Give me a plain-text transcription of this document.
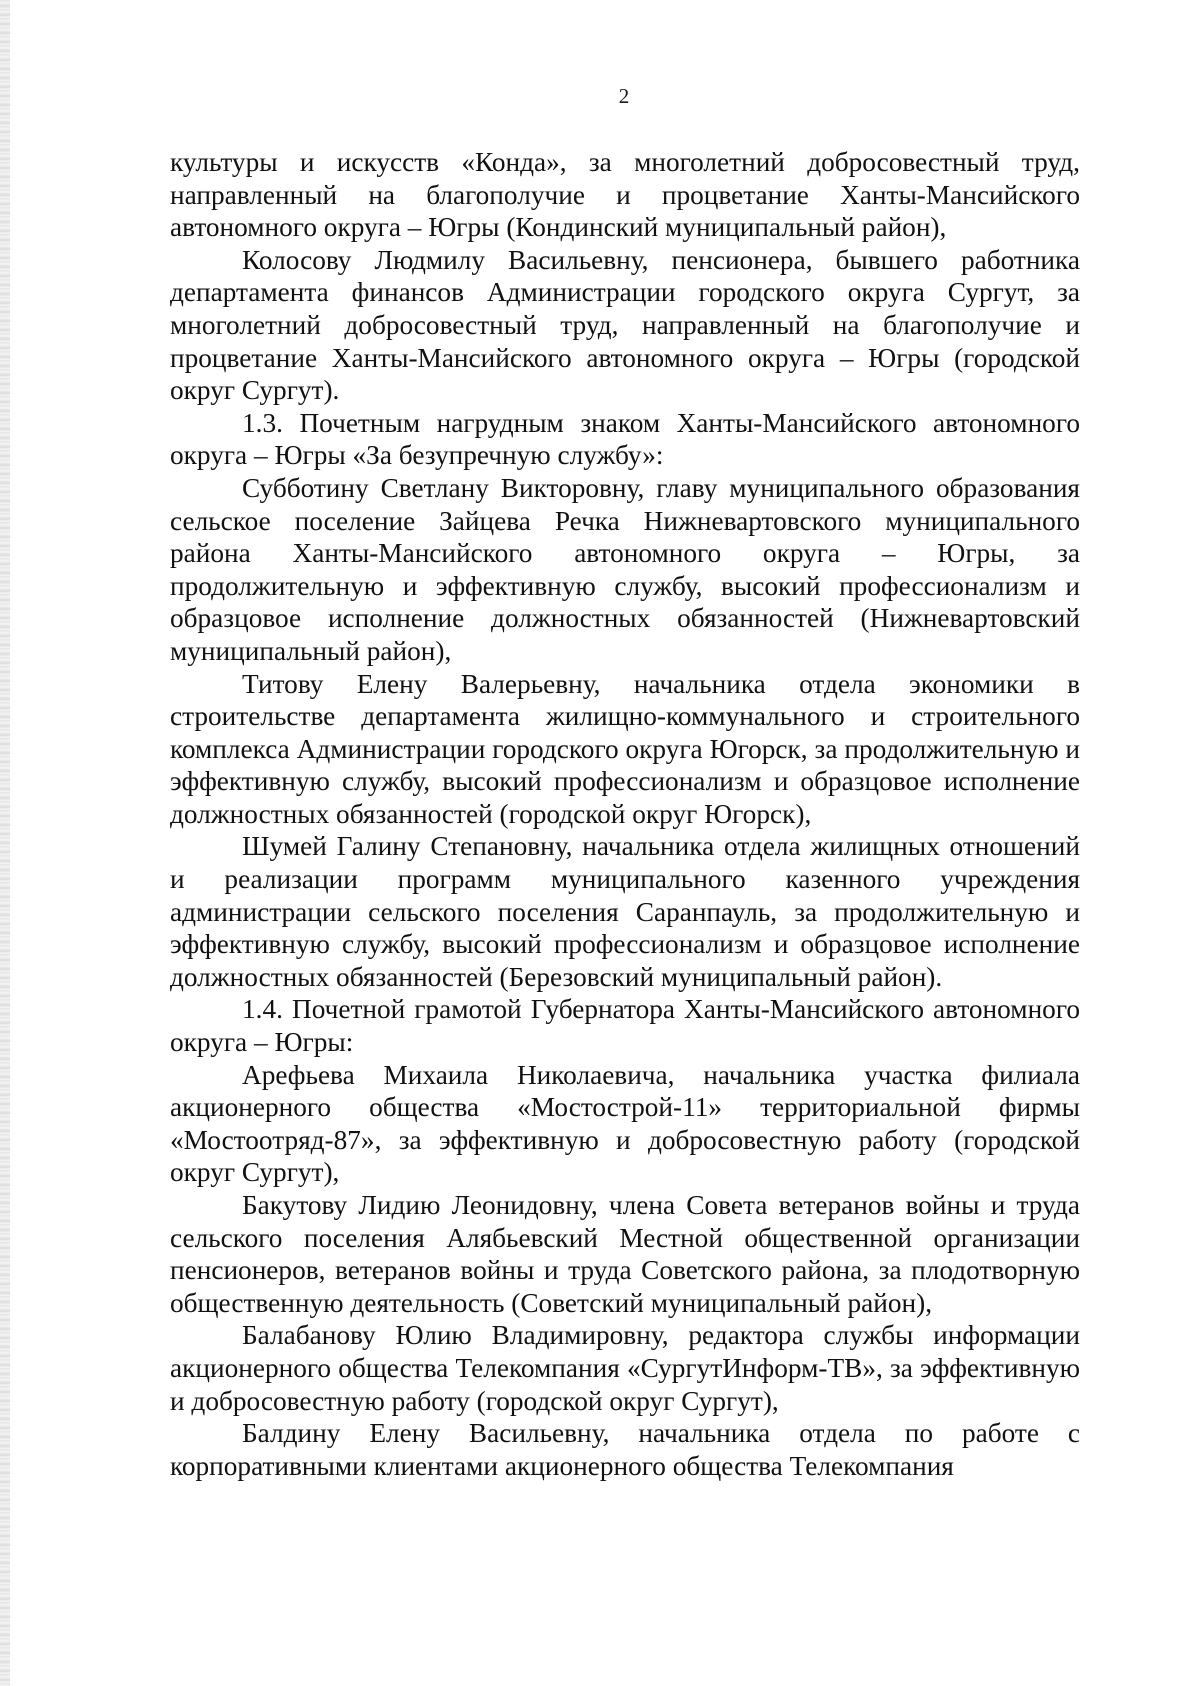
2

культуры и искусств «Конда», за многолетний добросовестный труд, направленный на благополучие и процветание Ханты-Мансийского автономного округа – Югры (Кондинский муниципальный район),

Колосову Людмилу Васильевну, пенсионера, бывшего работника департамента финансов Администрации городского округа Сургут, за многолетний добросовестный труд, направленный на благополучие и процветание Ханты-Мансийского автономного округа – Югры (городской округ Сургут).

1.3. Почетным нагрудным знаком Ханты-Мансийского автономного округа – Югры «За безупречную службу»:

Субботину Светлану Викторовну, главу муниципального образования сельское поселение Зайцева Речка Нижневартовского муниципального района Ханты-Мансийского автономного округа – Югры, за продолжительную и эффективную службу, высокий профессионализм и образцовое исполнение должностных обязанностей (Нижневартовский муниципальный район),

Титову Елену Валерьевну, начальника отдела экономики в строительстве департамента жилищно-коммунального и строительного комплекса Администрации городского округа Югорск, за продолжительную и эффективную службу, высокий профессионализм и образцовое исполнение должностных обязанностей (городской округ Югорск),

Шумей Галину Степановну, начальника отдела жилищных отношений и реализации программ муниципального казенного учреждения администрации сельского поселения Саранпауль, за продолжительную и эффективную службу, высокий профессионализм и образцовое исполнение должностных обязанностей (Березовский муниципальный район).

1.4. Почетной грамотой Губернатора Ханты-Мансийского автономного округа – Югры:

Арефьева Михаила Николаевича, начальника участка филиала акционерного общества «Мостострой-11» территориальной фирмы «Мостоотряд-87», за эффективную и добросовестную работу (городской округ Сургут),

Бакутову Лидию Леонидовну, члена Совета ветеранов войны и труда сельского поселения Алябьевский Местной общественной организации пенсионеров, ветеранов войны и труда Советского района, за плодотворную общественную деятельность (Советский муниципальный район),

Балабанову Юлию Владимировну, редактора службы информации акционерного общества Телекомпания «СургутИнформ-ТВ», за эффективную и добросовестную работу (городской округ Сургут),

Балдину Елену Васильевну, начальника отдела по работе с корпоративными клиентами акционерного общества Телекомпания
